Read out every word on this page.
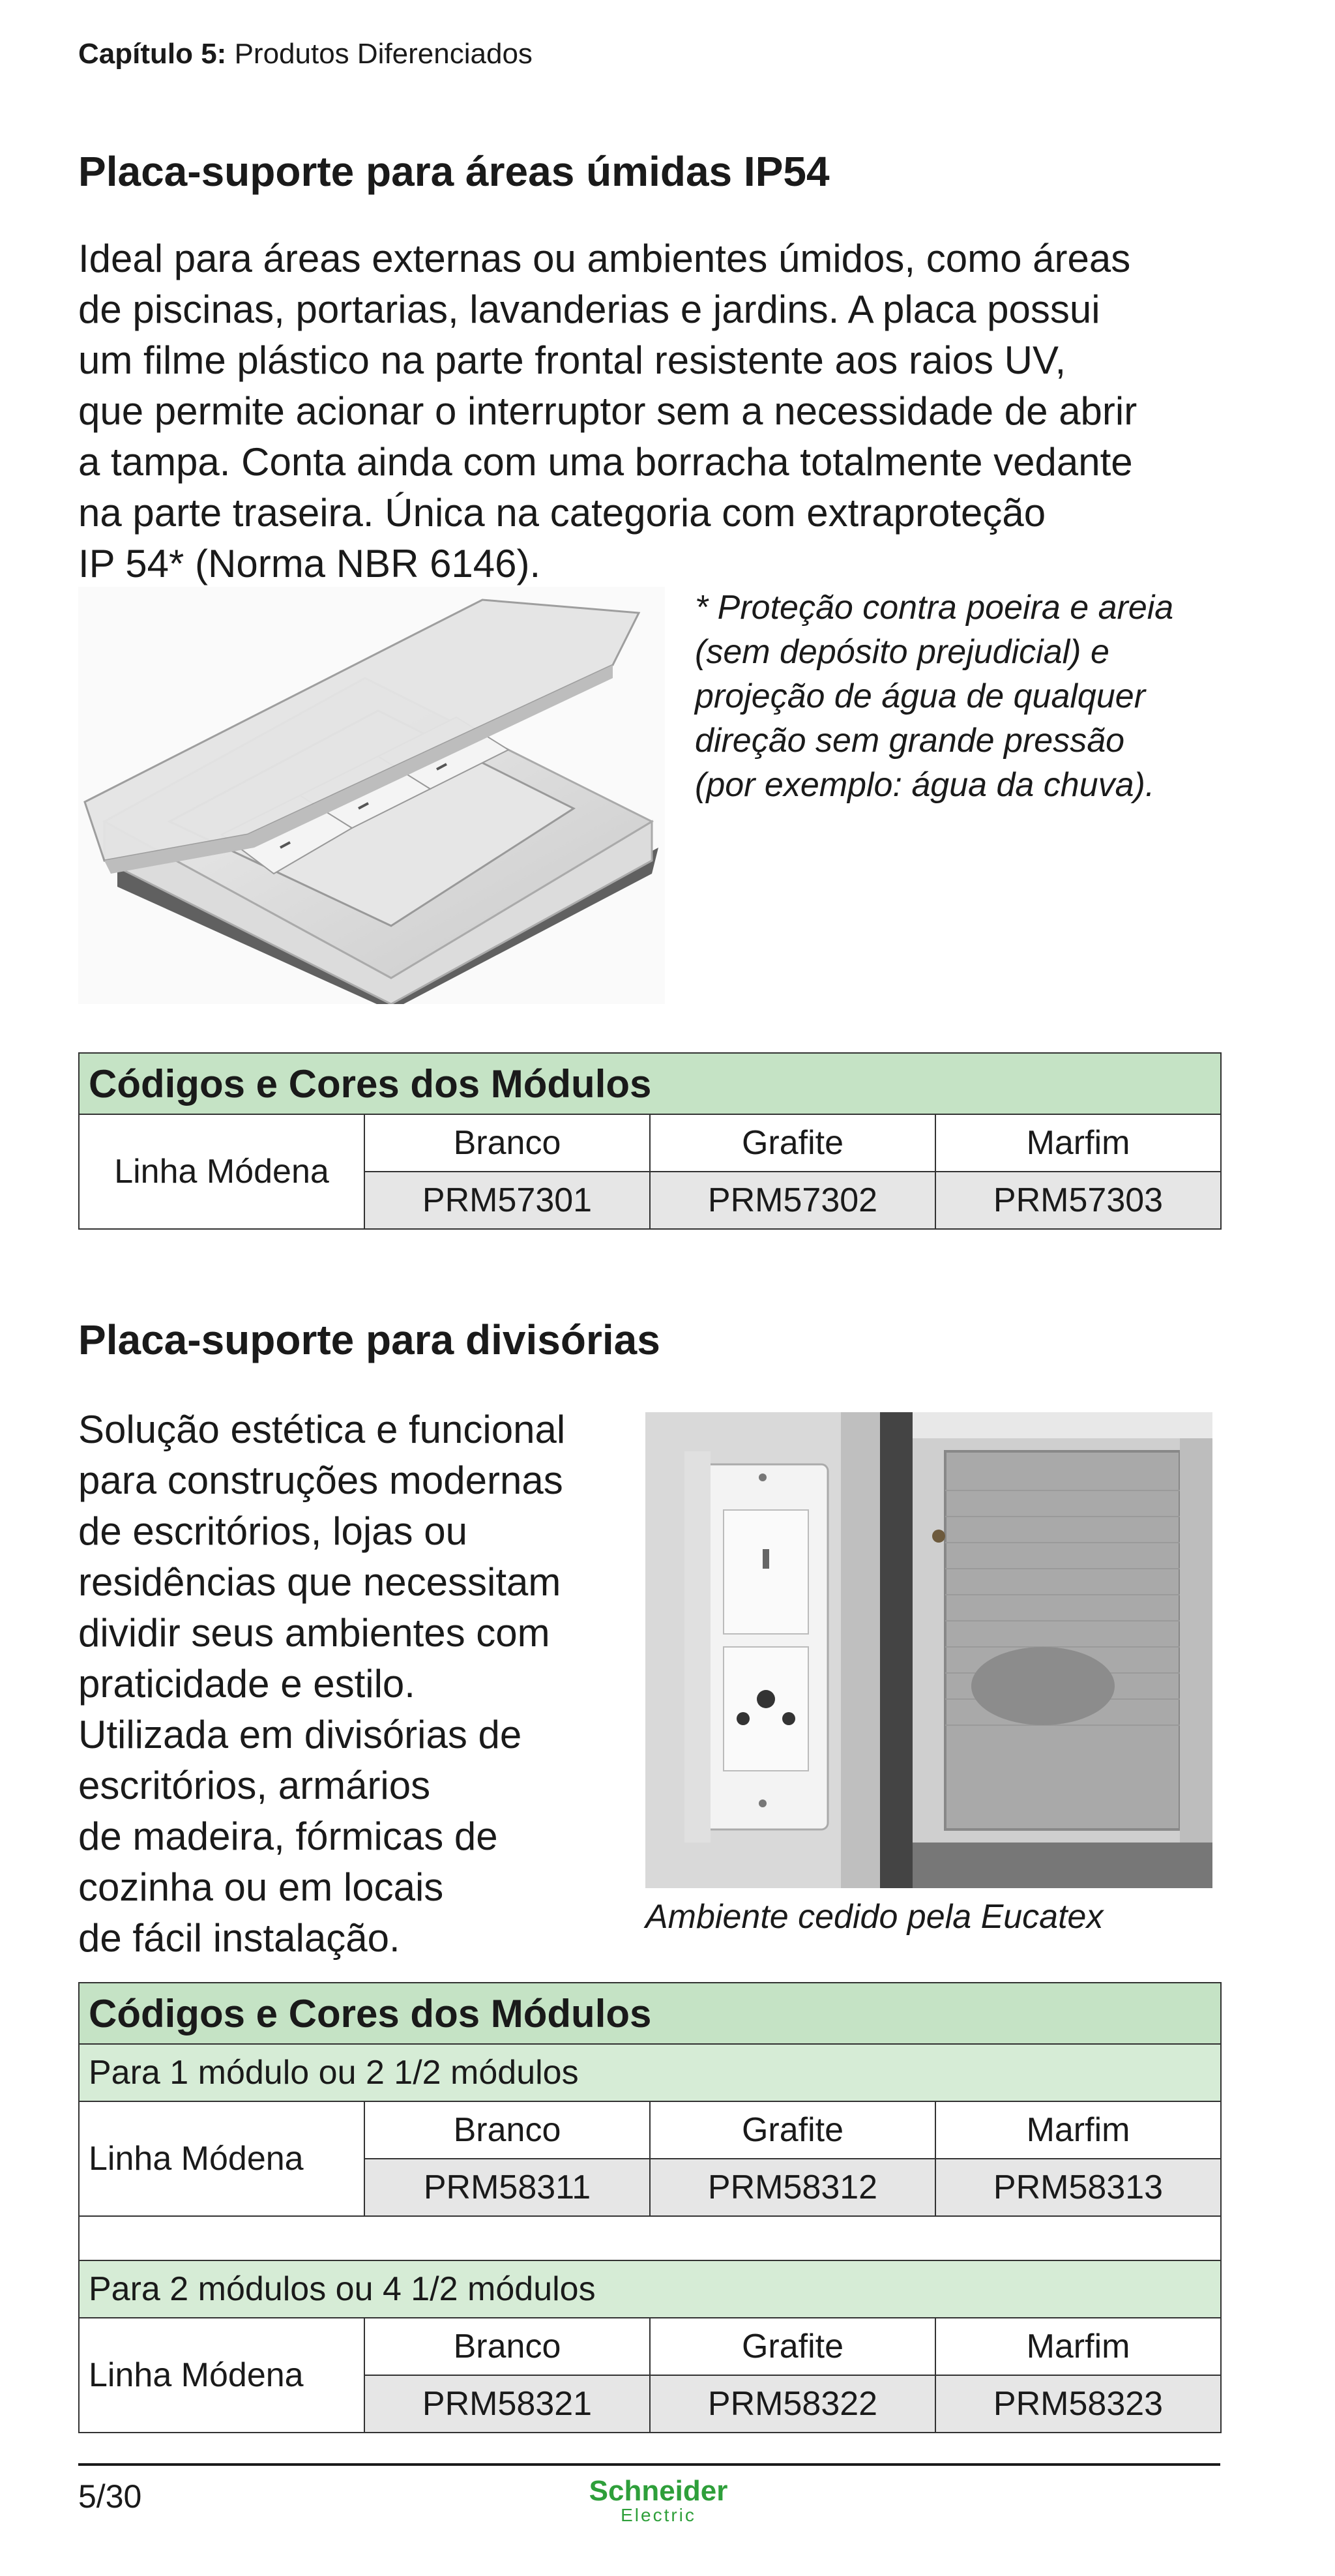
Capítulo 5: Produtos Diferenciados
Placa-suporte para áreas úmidas IP54

Ideal para áreas externas ou ambientes úmidos, como áreas

de piscinas, portarias, lavanderias e jardins. A placa possui

um filme plástico na parte frontal resistente aos raios UV,

que permite acionar o interruptor sem a necessidade de abrir

a tampa. Conta ainda com uma borracha totalmente vedante

na parte traseira. Única na categoria com extraproteção

IP 54* (Norma NBR 6146).

* Proteção contra poeira e areia
(sem depósito prejudicial) e
projeção de água de qualquer
direção sem grande pressão
(por exemplo: água da chuva).
Códigos e Cores dos Módulos			
Linha Módena	Branco	Grafite	Marfim
	PRM57301	PRM57302	PRM57303
Placa-suporte para divisórias

Solução estética e funcional

para construções modernas

de escritórios, lojas ou

residências que necessitam

dividir seus ambientes com

praticidade e estilo.

Utilizada em divisórias de

escritórios, armários

de madeira, fórmicas de

cozinha ou em locais

de fácil instalação.	Ambiente cedido pela Eucatex
Códigos e Cores dos Módulos			
Para 1 módulo ou 2 1/2 módulos			
Linha Módena	Branco	Grafite	Marfim
	PRM58311	PRM58312	PRM58313

Para 2 módulos ou 4 1/2 módulos			
Linha Módena	Branco	Grafite	Marfim
	PRM58321	PRM58322	PRM58323
5/30	Schneider
Electric
